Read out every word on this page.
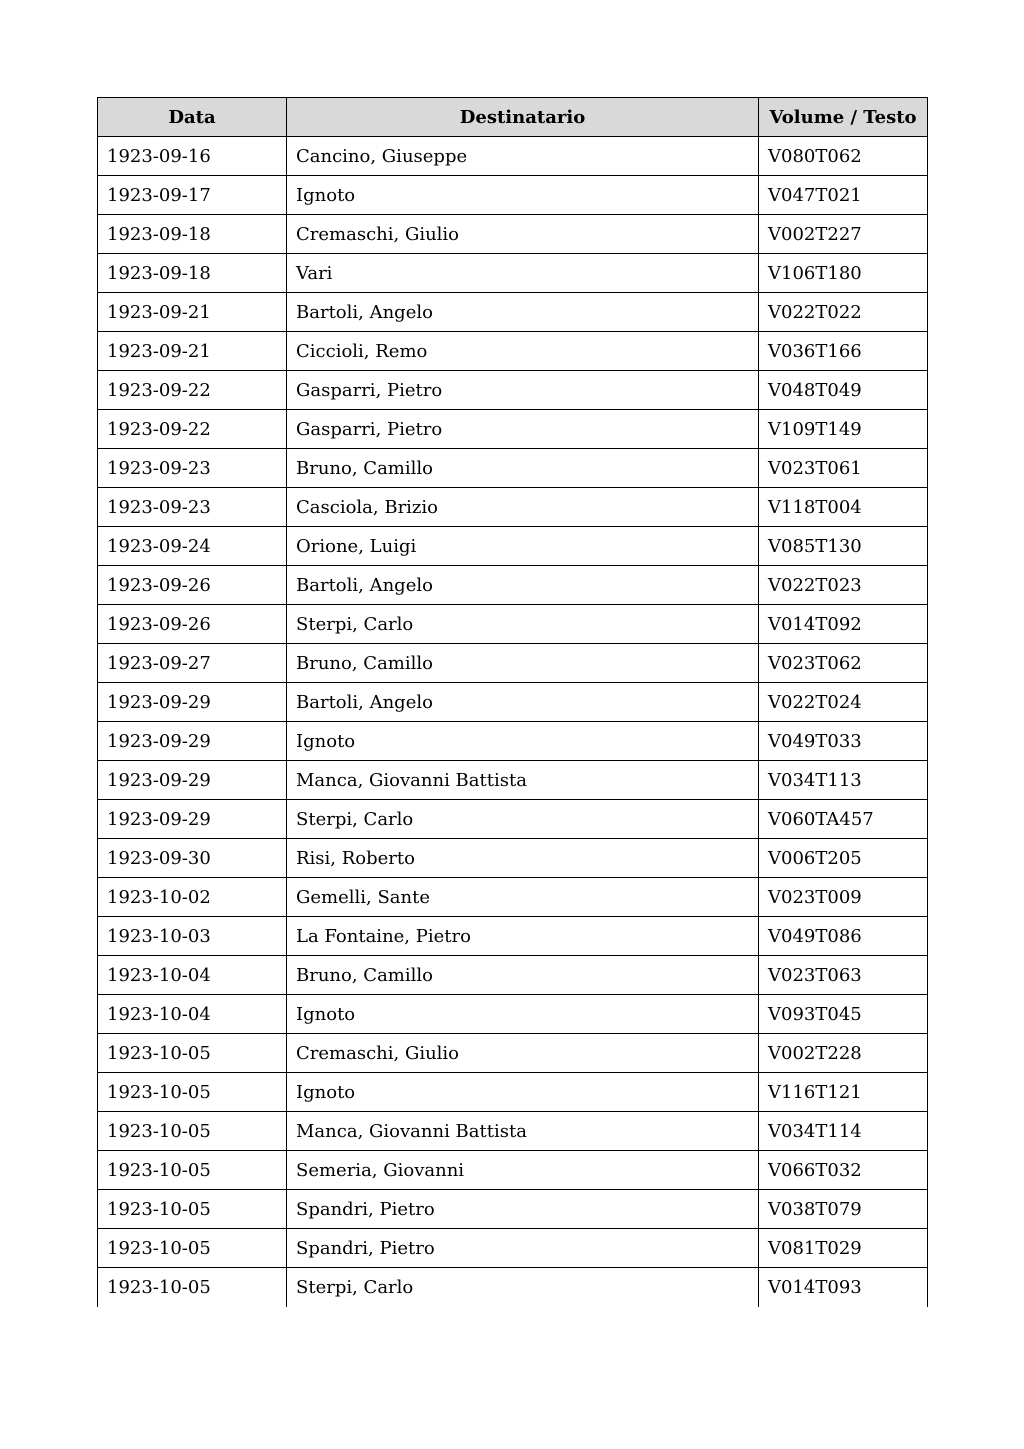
Data	Destinatario	Volume / Testo
1923-09-16	Cancino, Giuseppe	V080T062
1923-09-17	Ignoto	V047T021
1923-09-18	Cremaschi, Giulio	V002T227
1923-09-18	Vari	V106T180
1923-09-21	Bartoli, Angelo	V022T022
1923-09-21	Ciccioli, Remo	V036T166
1923-09-22	Gasparri, Pietro	V048T049
1923-09-22	Gasparri, Pietro	V109T149
1923-09-23	Bruno, Camillo	V023T061
1923-09-23	Casciola, Brizio	V118T004
1923-09-24	Orione, Luigi	V085T130
1923-09-26	Bartoli, Angelo	V022T023
1923-09-26	Sterpi, Carlo	V014T092
1923-09-27	Bruno, Camillo	V023T062
1923-09-29	Bartoli, Angelo	V022T024
1923-09-29	Ignoto	V049T033
1923-09-29	Manca, Giovanni Battista	V034T113
1923-09-29	Sterpi, Carlo	V060TA457
1923-09-30	Risi, Roberto	V006T205
1923-10-02	Gemelli, Sante	V023T009
1923-10-03	La Fontaine, Pietro	V049T086
1923-10-04	Bruno, Camillo	V023T063
1923-10-04	Ignoto	V093T045
1923-10-05	Cremaschi, Giulio	V002T228
1923-10-05	Ignoto	V116T121
1923-10-05	Manca, Giovanni Battista	V034T114
1923-10-05	Semeria, Giovanni	V066T032
1923-10-05	Spandri, Pietro	V038T079
1923-10-05	Spandri, Pietro	V081T029
1923-10-05	Sterpi, Carlo	V014T093
